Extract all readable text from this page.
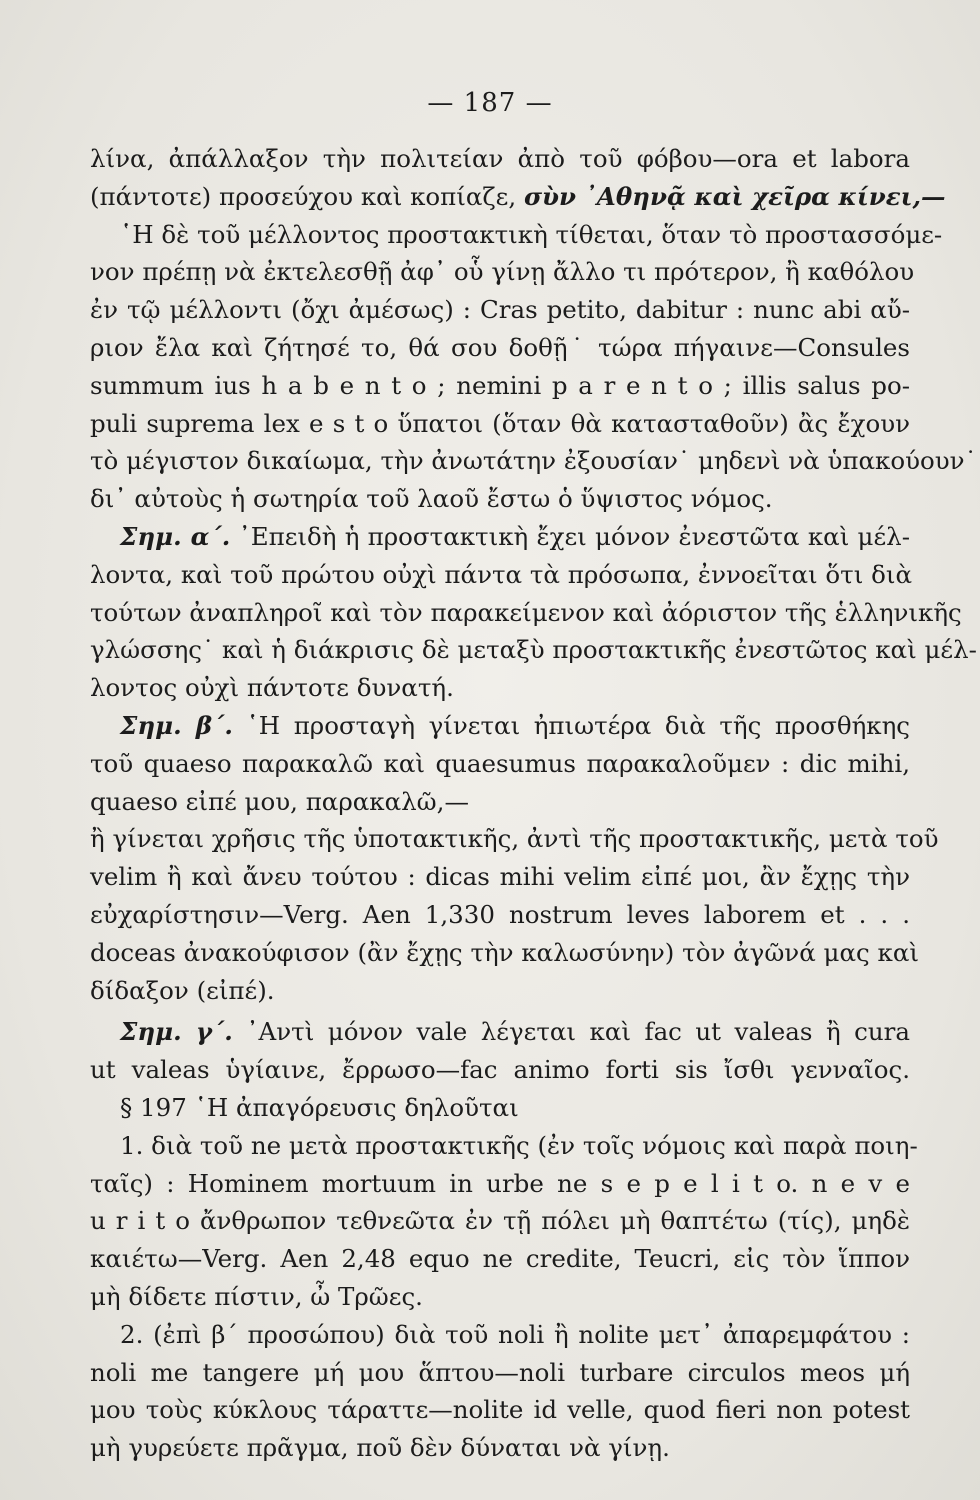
— 187 —
λίνα, ἀπάλλαξον τὴν πολιτείαν ἀπὸ τοῦ φόβου—ora et labora
(πάντοτε) προσεύχου καὶ κοπίαζε, σὺν ᾿Αθηνᾷ καὶ χεῖρα κίνει,—
῾Η δὲ τοῦ μέλλοντος προστακτικὴ τίθεται, ὅταν τὸ προστασσόμε-
νον πρέπῃ νὰ ἐκτελεσθῇ ἀφ᾿ οὗ γίνῃ ἄλλο τι πρότερον, ἢ καθόλου
ἐν τῷ μέλλοντι (ὄχι ἀμέσως) : Cras petito, dabitur : nunc abi αὔ-
ριον ἔλα καὶ ζήτησέ το, θά σου δοθῇ˙ τώρα πήγαινε—Consules
summum ius h a b e n t o ; nemini p a r e n t o ; illis salus po-
puli suprema lex e s t o ὕπατοι (ὅταν θὰ κατασταθοῦν) ἂς ἔχουν
τὸ μέγιστον δικαίωμα, τὴν ἀνωτάτην ἐξουσίαν˙ μηδενὶ νὰ ὑπακούουν˙
δι᾿ αὐτοὺς ἡ σωτηρία τοῦ λαοῦ ἔστω ὁ ὕψιστος νόμος.
Σημ. α΄. ᾿Επειδὴ ἡ προστακτικὴ ἔχει μόνον ἐνεστῶτα καὶ μέλ-
λοντα, καὶ τοῦ πρώτου οὐχὶ πάντα τὰ πρόσωπα, ἐννοεῖται ὅτι διὰ
τούτων ἀναπληροῖ καὶ τὸν παρακείμενον καὶ ἀόριστον τῆς ἑλληνικῆς
γλώσσης˙ καὶ ἡ διάκρισις δὲ μεταξὺ προστακτικῆς ἐνεστῶτος καὶ μέλ-
λοντος οὐχὶ πάντοτε δυνατή.
Σημ. β΄. ῾Η προσταγὴ γίνεται ἠπιωτέρα διὰ τῆς προσθήκης
τοῦ quaeso παρακαλῶ καὶ quaesumus παρακαλοῦμεν : dic mihi,
quaeso εἰπέ μου, παρακαλῶ,—
ἢ γίνεται χρῆσις τῆς ὑποτακτικῆς, ἀντὶ τῆς προστακτικῆς, μετὰ τοῦ
velim ἢ καὶ ἄνευ τούτου : dicas mihi velim εἰπέ μοι, ἂν ἔχῃς τὴν
εὐχαρίστησιν—Verg. Aen 1,330 nostrum leves laborem et . . .
doceas ἀνακούφισον (ἂν ἔχῃς τὴν καλωσύνην) τὸν ἀγῶνά μας καὶ
δίδαξον (εἰπέ).
Σημ. γ΄. ᾿Αντὶ μόνον vale λέγεται καὶ fac ut valeas ἢ cura
ut valeas ὑγίαινε, ἔρρωσο—fac animo forti sis ἴσθι γενναῖος.
§ 197 ῾Η ἀπαγόρευσις δηλοῦται
1. διὰ τοῦ ne μετὰ προστακτικῆς (ἐν τοῖς νόμοις καὶ παρὰ ποιη-
ταῖς) : Hominem mortuum in urbe ne s e p e l i t o. n e v e
u r i t o ἄνθρωπον τεθνεῶτα ἐν τῇ πόλει μὴ θαπτέτω (τίς), μηδὲ
καιέτω—Verg. Aen 2,48 equo ne credite, Teucri, εἰς τὸν ἵππον
μὴ δίδετε πίστιν, ὦ Τρῶες.
2. (ἐπὶ β΄ προσώπου) διὰ τοῦ noli ἢ nolite μετ᾿ ἀπαρεμφάτου :
noli me tangere μή μου ἅπτου—noli turbare circulos meos μή
μου τοὺς κύκλους τάραττε—nolite id velle, quod fieri non potest
μὴ γυρεύετε πρᾶγμα, ποῦ δὲν δύναται νὰ γίνῃ.
